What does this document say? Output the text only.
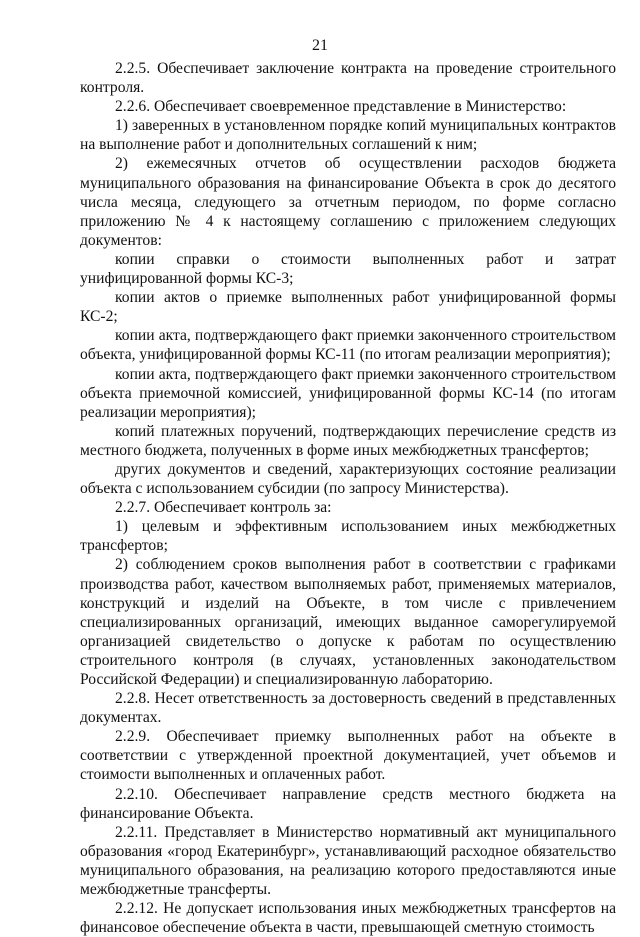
21

2.2.5. Обеспечивает заключение контракта на проведение строительного контроля.

2.2.6. Обеспечивает своевременное представление в Министерство:

1) заверенных в установленном порядке копий муниципальных контрактов на выполнение работ и дополнительных соглашений к ним;

2) ежемесячных отчетов об осуществлении расходов бюджета муниципального образования на финансирование Объекта в срок до десятого числа месяца, следующего за отчетным периодом, по форме согласно приложению № 4 к настоящему соглашению с приложением следующих документов:

копии справки о стоимости выполненных работ и затрат унифицированной формы КС-3;

копии актов о приемке выполненных работ унифицированной формы КС-2;

копии акта, подтверждающего факт приемки законченного строительством объекта, унифицированной формы КС-11 (по итогам реализации мероприятия);

копии акта, подтверждающего факт приемки законченного строительством объекта приемочной комиссией, унифицированной формы КС-14 (по итогам реализации мероприятия);

копий платежных поручений, подтверждающих перечисление средств из местного бюджета, полученных в форме иных межбюджетных трансфертов;

других документов и сведений, характеризующих состояние реализации объекта с использованием субсидии (по запросу Министерства).

2.2.7. Обеспечивает контроль за:

1) целевым и эффективным использованием иных межбюджетных трансфертов;

2) соблюдением сроков выполнения работ в соответствии с графиками производства работ, качеством выполняемых работ, применяемых материалов, конструкций и изделий на Объекте, в том числе с привлечением специализированных организаций, имеющих выданное саморегулируемой организацией свидетельство о допуске к работам по осуществлению строительного контроля (в случаях, установленных законодательством Российской Федерации) и специализированную лабораторию.

2.2.8. Несет ответственность за достоверность сведений в представленных документах.

2.2.9. Обеспечивает приемку выполненных работ на объекте в соответствии с утвержденной проектной документацией, учет объемов и стоимости выполненных и оплаченных работ.

2.2.10. Обеспечивает направление средств местного бюджета на финансирование Объекта.

2.2.11. Представляет в Министерство нормативный акт муниципального образования «город Екатеринбург», устанавливающий расходное обязательство муниципального образования, на реализацию которого предоставляются иные межбюджетные трансферты.

2.2.12. Не допускает использования иных межбюджетных трансфертов на финансовое обеспечение объекта в части, превышающей сметную стоимость
